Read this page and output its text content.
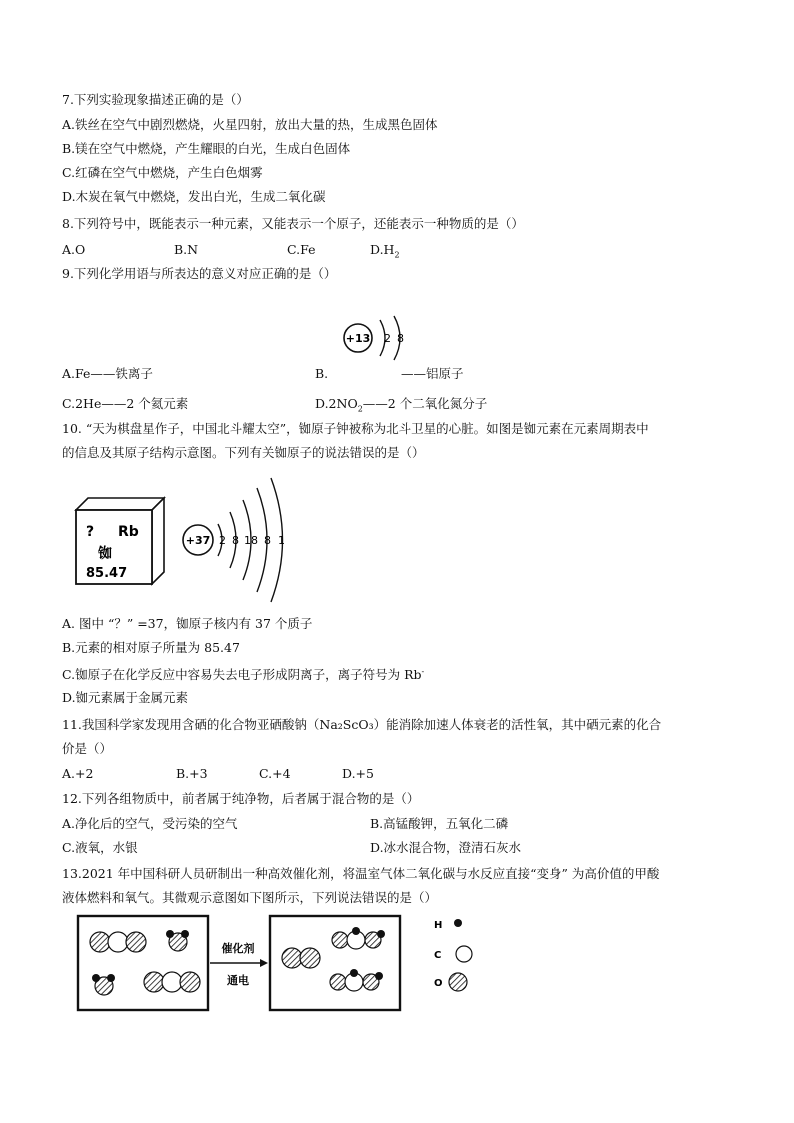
7.下列实验现象描述正确的是（）
A.铁丝在空气中剧烈燃烧，火星四射，放出大量的热，生成黑色固体
B.镁在空气中燃烧，产生耀眼的白光，生成白色固体
C.红磷在空气中燃烧，产生白色烟雾
D.木炭在氧气中燃烧，发出白光，生成二氧化碳
8.下列符号中，既能表示一种元素，又能表示一个原子，还能表示一种物质的是（）
A.O	B.N	C.Fe	$D.H_2$
9.下列化学用语与所表达的意义对应正确的是（）
+13 2 8
A.Fe——铁离子	B.	——铝原子
C.2He——2 个氦元素	$D.2NO_2——2$ 个二氧化氮分子
10. “天为棋盘星作子，中国北斗耀太空”，铷原子钟被称为北斗卫星的心脏。如图是铷元素在元素周期表中
的信息及其原子结构示意图。下列有关铷原子的说法错误的是（）
? Rb
铷
85.47
+37 2 8 18 8 1
A. 图中 “？” =37，铷原子核内有 37 个质子
B.元素的相对原子所量为 85.47
C.铷原子在化学反应中容易失去电子形成阴离子，离子符号为 Rb-
D.铷元素属于金属元素
11.我国科学家发现用含硒的化合物亚硒酸钠（Na₂ScO₃）能消除加速人体衰老的活性氧，其中硒元素的化合
价是（）
A.+2	B.+3	C.+4	D.+5
12.下列各组物质中，前者属于纯净物，后者属于混合物的是（）
A.净化后的空气，受污染的空气	B.高锰酸钾，五氧化二磷
C.液氧，水银	D.冰水混合物，澄清石灰水
13.2021 年中国科研人员研制出一种高效催化剂，将温室气体二氧化碳与水反应直接“变身” 为高价值的甲酸
液体燃料和氧气。其微观示意图如下图所示，下列说法错误的是（）
催化剂
通电
H
C
O
